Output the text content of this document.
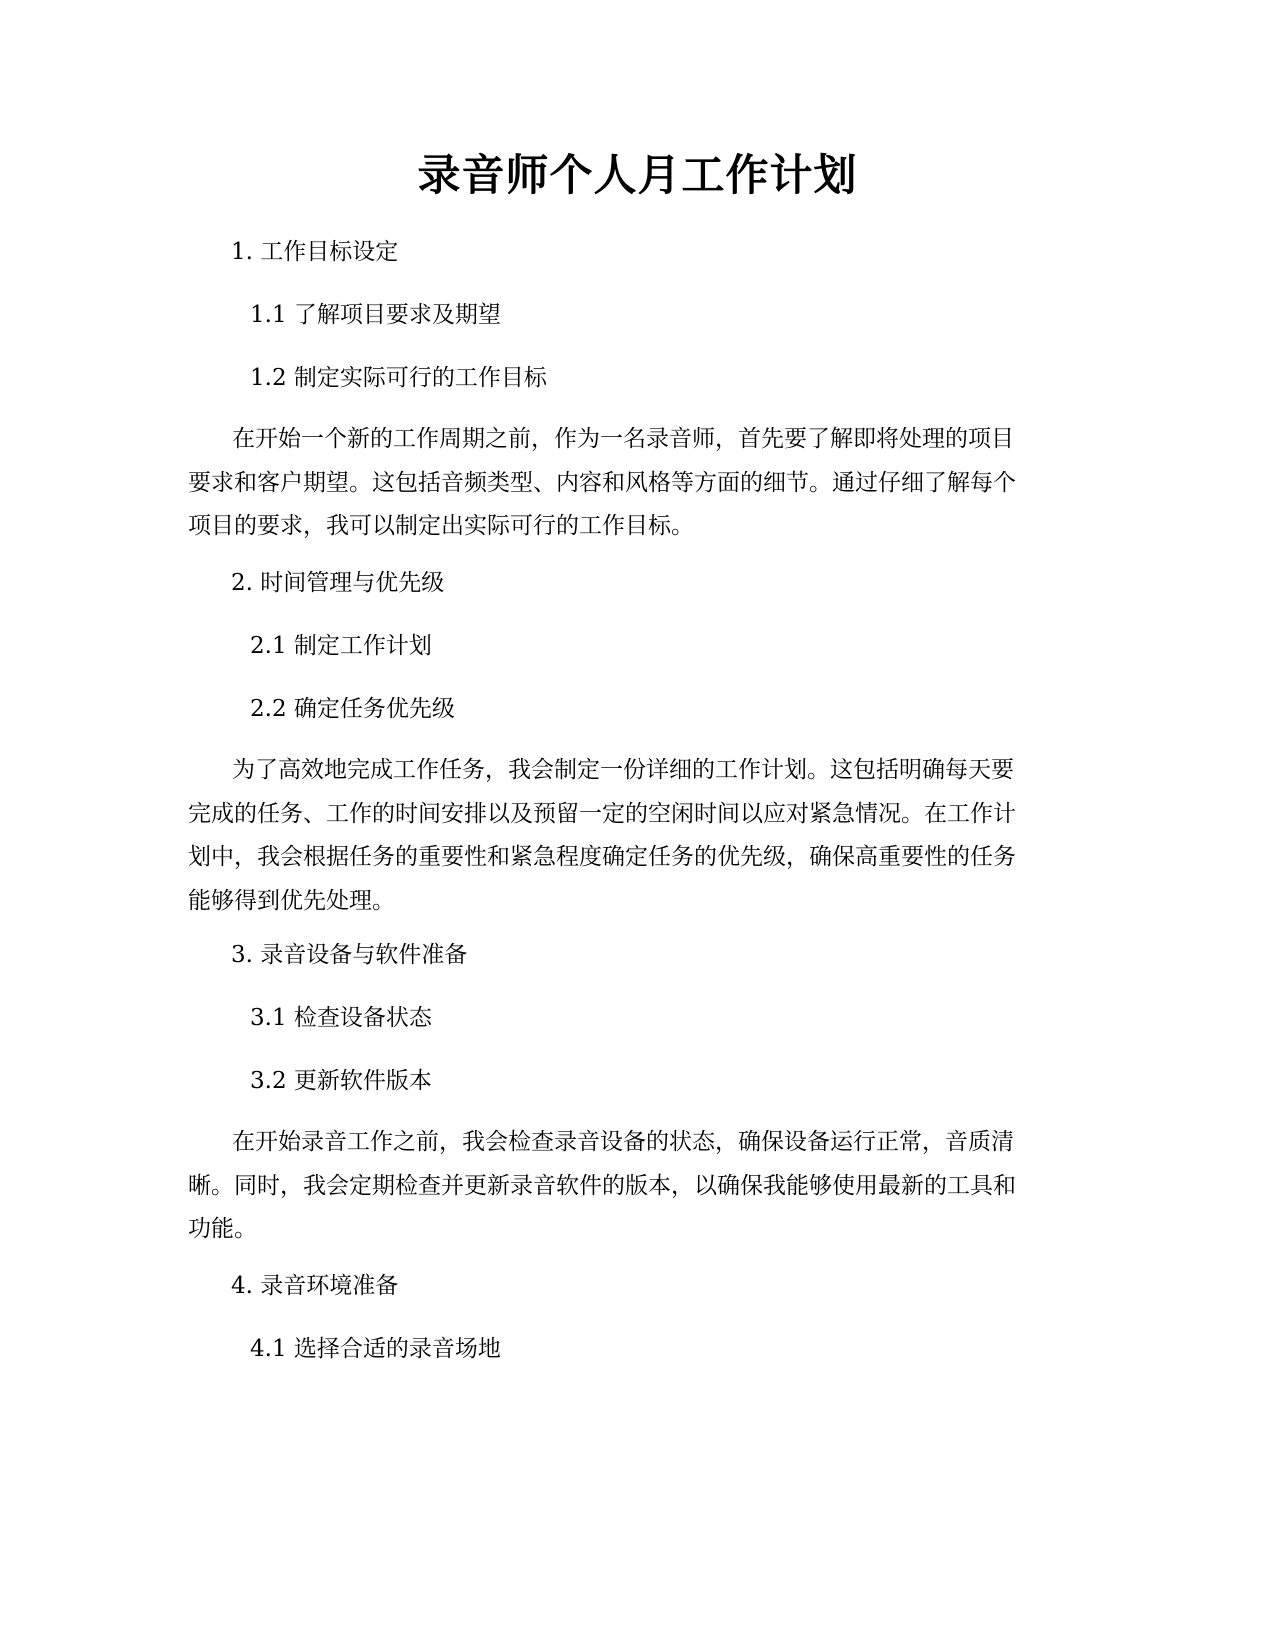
录音师个人月工作计划

1. 工作目标设定

1.1 了解项目要求及期望

1.2 制定实际可行的工作目标

在开始一个新的工作周期之前，作为一名录音师，首先要了解即将处理的项目
要求和客户期望。这包括音频类型、内容和风格等方面的细节。通过仔细了解每个
项目的要求，我可以制定出实际可行的工作目标。

2. 时间管理与优先级

2.1 制定工作计划

2.2 确定任务优先级

为了高效地完成工作任务，我会制定一份详细的工作计划。这包括明确每天要
完成的任务、工作的时间安排以及预留一定的空闲时间以应对紧急情况。在工作计
划中，我会根据任务的重要性和紧急程度确定任务的优先级，确保高重要性的任务
能够得到优先处理。

3. 录音设备与软件准备

3.1 检查设备状态

3.2 更新软件版本

在开始录音工作之前，我会检查录音设备的状态，确保设备运行正常，音质清
晰。同时，我会定期检查并更新录音软件的版本，以确保我能够使用最新的工具和
功能。

4. 录音环境准备

4.1 选择合适的录音场地
